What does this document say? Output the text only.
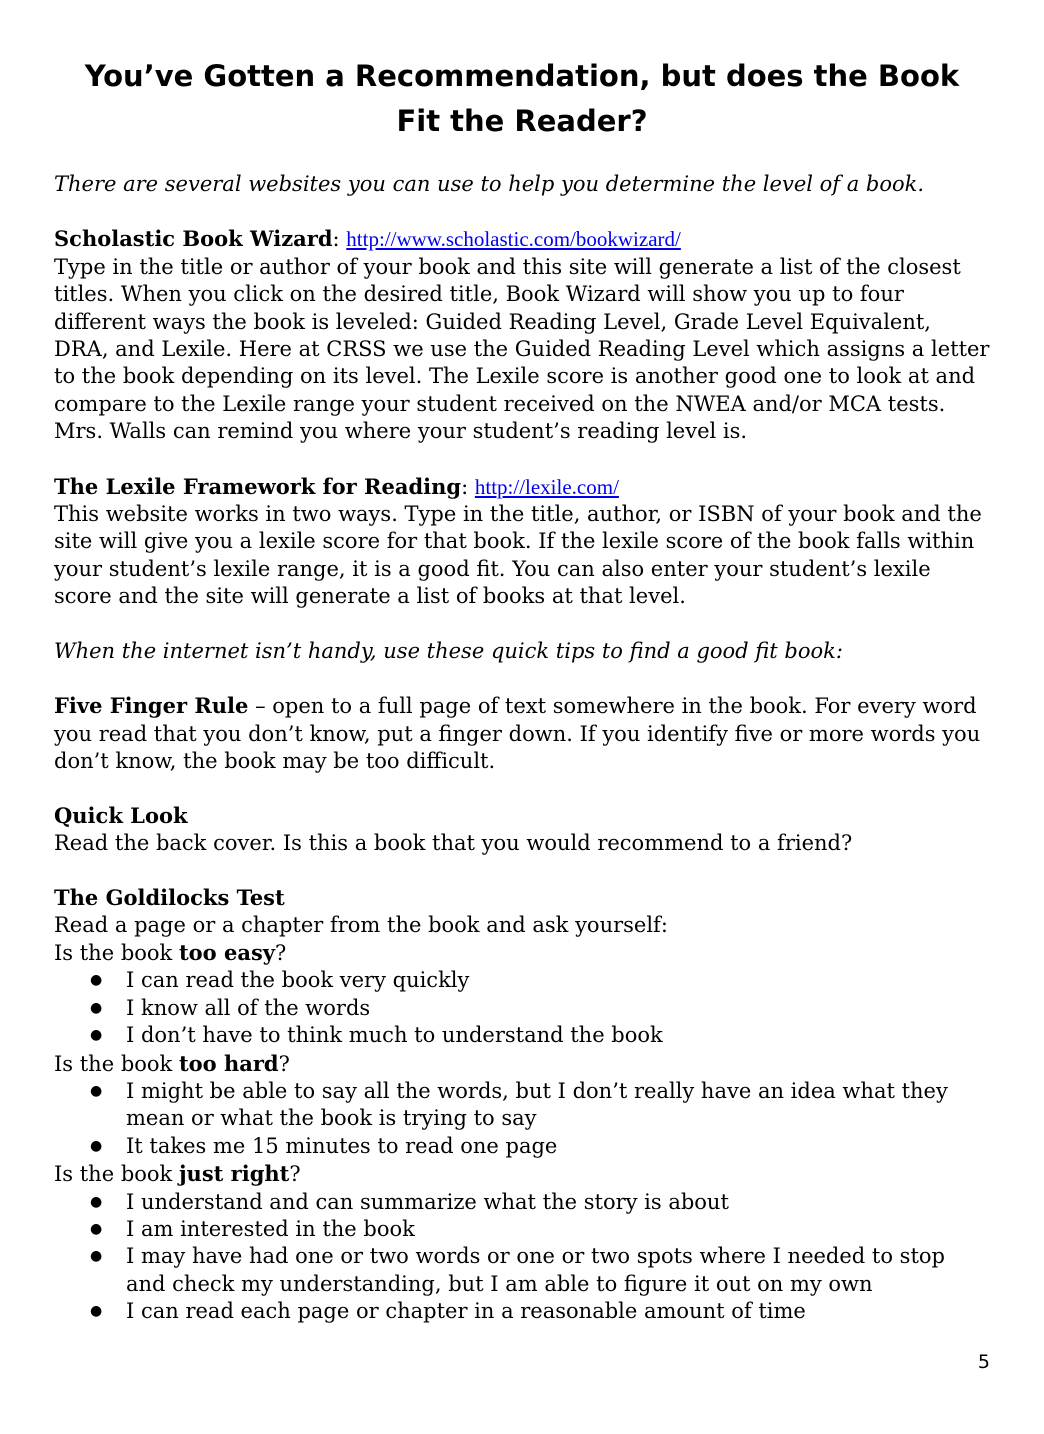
You’ve Gotten a Recommendation, but does the Book Fit the Reader?

There are several websites you can use to help you determine the level of a book.

Scholastic Book Wizard: http://www.scholastic.com/bookwizard/

Type in the title or author of your book and this site will generate a list of the closest titles. When you click on the desired title, Book Wizard will show you up to four different ways the book is leveled: Guided Reading Level, Grade Level Equivalent, DRA, and Lexile. Here at CRSS we use the Guided Reading Level which assigns a letter to the book depending on its level. The Lexile score is another good one to look at and compare to the Lexile range your student received on the NWEA and/or MCA tests. Mrs. Walls can remind you where your student’s reading level is.

The Lexile Framework for Reading: http://lexile.com/

This website works in two ways. Type in the title, author, or ISBN of your book and the site will give you a lexile score for that book. If the lexile score of the book falls within your student’s lexile range, it is a good fit. You can also enter your student’s lexile score and the site will generate a list of books at that level.

When the internet isn’t handy, use these quick tips to find a good fit book:

Five Finger Rule – open to a full page of text somewhere in the book. For every word you read that you don’t know, put a finger down. If you identify five or more words you don’t know, the book may be too difficult.

Quick Look

Read the back cover. Is this a book that you would recommend to a friend?

The Goldilocks Test

Read a page or a chapter from the book and ask yourself:

Is the book too easy?

● I can read the book very quickly
● I know all of the words
● I don’t have to think much to understand the book

Is the book too hard?

● I might be able to say all the words, but I don’t really have an idea what they mean or what the book is trying to say
● It takes me 15 minutes to read one page

Is the book just right?

● I understand and can summarize what the story is about
● I am interested in the book
● I may have had one or two words or one or two spots where I needed to stop and check my understanding, but I am able to figure it out on my own
● I can read each page or chapter in a reasonable amount of time
5
